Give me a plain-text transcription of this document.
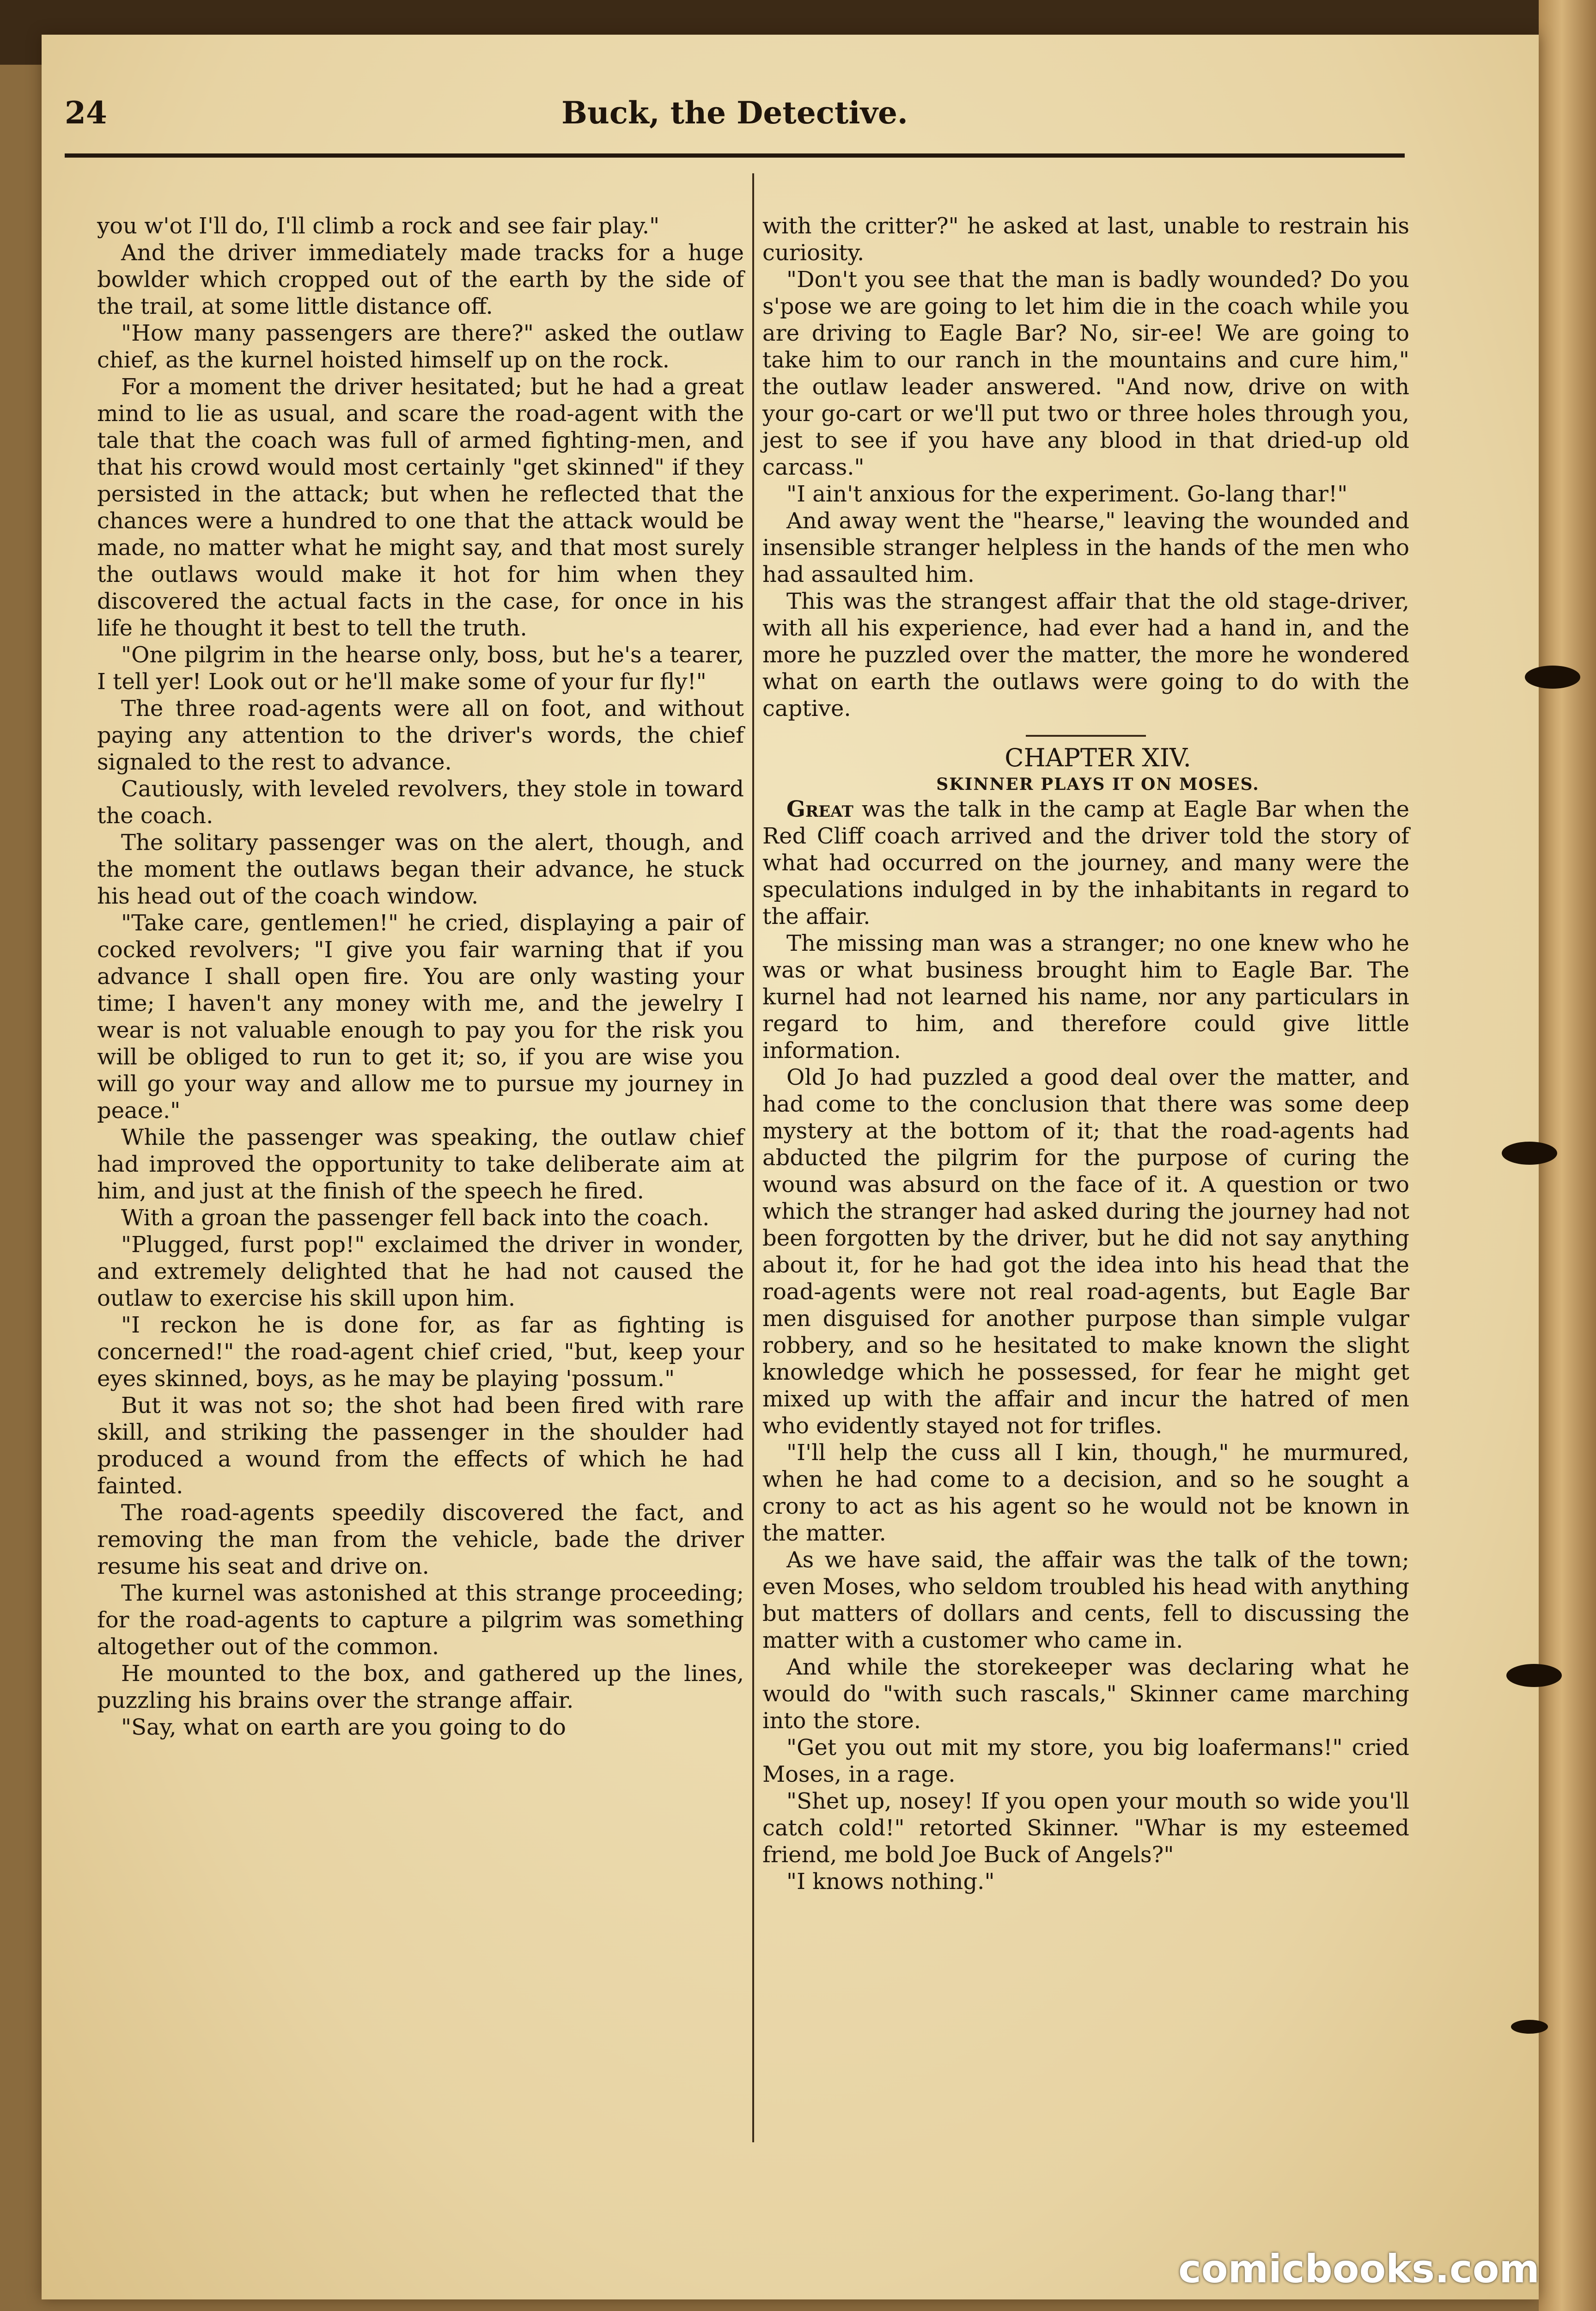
24	Buck, the Detective.

you w'ot I'll do, I'll climb a rock and see fair play."

And the driver immediately made tracks for a huge bowlder which cropped out of the earth by the side of the trail, at some little distance off.

"How many passengers are there?" asked the outlaw chief, as the kurnel hoisted himself up on the rock.

For a moment the driver hesitated; but he had a great mind to lie as usual, and scare the road-agent with the tale that the coach was full of armed fighting-men, and that his crowd would most certainly "get skinned" if they persisted in the attack; but when he reflected that the chances were a hundred to one that the attack would be made, no matter what he might say, and that most surely the outlaws would make it hot for him when they discovered the actual facts in the case, for once in his life he thought it best to tell the truth.

"One pilgrim in the hearse only, boss, but he's a tearer, I tell yer! Look out or he'll make some of your fur fly!"

The three road-agents were all on foot, and without paying any attention to the driver's words, the chief signaled to the rest to advance.

Cautiously, with leveled revolvers, they stole in toward the coach.

The solitary passenger was on the alert, though, and the moment the outlaws began their advance, he stuck his head out of the coach window.

"Take care, gentlemen!" he cried, displaying a pair of cocked revolvers; "I give you fair warning that if you advance I shall open fire. You are only wasting your time; I haven't any money with me, and the jewelry I wear is not valuable enough to pay you for the risk you will be obliged to run to get it; so, if you are wise you will go your way and allow me to pursue my journey in peace."

While the passenger was speaking, the outlaw chief had improved the opportunity to take deliberate aim at him, and just at the finish of the speech he fired.

With a groan the passenger fell back into the coach.

"Plugged, furst pop!" exclaimed the driver in wonder, and extremely delighted that he had not caused the outlaw to exercise his skill upon him.

"I reckon he is done for, as far as fighting is concerned!" the road-agent chief cried, "but, keep your eyes skinned, boys, as he may be playing 'possum."

But it was not so; the shot had been fired with rare skill, and striking the passenger in the shoulder had produced a wound from the effects of which he had fainted.

The road-agents speedily discovered the fact, and removing the man from the vehicle, bade the driver resume his seat and drive on.

The kurnel was astonished at this strange proceeding; for the road-agents to capture a pilgrim was something altogether out of the common.

He mounted to the box, and gathered up the lines, puzzling his brains over the strange affair.

"Say, what on earth are you going to do

with the critter?" he asked at last, unable to restrain his curiosity.

"Don't you see that the man is badly wounded? Do you s'pose we are going to let him die in the coach while you are driving to Eagle Bar? No, sir-ee! We are going to take him to our ranch in the mountains and cure him," the outlaw leader answered. "And now, drive on with your go-cart or we'll put two or three holes through you, jest to see if you have any blood in that dried-up old carcass."

"I ain't anxious for the experiment. Go-lang thar!"

And away went the "hearse," leaving the wounded and insensible stranger helpless in the hands of the men who had assaulted him.

This was the strangest affair that the old stage-driver, with all his experience, had ever had a hand in, and the more he puzzled over the matter, the more he wondered what on earth the outlaws were going to do with the captive.

CHAPTER XIV.

SKINNER PLAYS IT ON MOSES.

Great was the talk in the camp at Eagle Bar when the Red Cliff coach arrived and the driver told the story of what had occurred on the journey, and many were the speculations indulged in by the inhabitants in regard to the affair.

The missing man was a stranger; no one knew who he was or what business brought him to Eagle Bar. The kurnel had not learned his name, nor any particulars in regard to him, and therefore could give little information.

Old Jo had puzzled a good deal over the matter, and had come to the conclusion that there was some deep mystery at the bottom of it; that the road-agents had abducted the pilgrim for the purpose of curing the wound was absurd on the face of it. A question or two which the stranger had asked during the journey had not been forgotten by the driver, but he did not say anything about it, for he had got the idea into his head that the road-agents were not real road-agents, but Eagle Bar men disguised for another purpose than simple vulgar robbery, and so he hesitated to make known the slight knowledge which he possessed, for fear he might get mixed up with the affair and incur the hatred of men who evidently stayed not for trifles.

"I'll help the cuss all I kin, though," he murmured, when he had come to a decision, and so he sought a crony to act as his agent so he would not be known in the matter.

As we have said, the affair was the talk of the town; even Moses, who seldom troubled his head with anything but matters of dollars and cents, fell to discussing the matter with a customer who came in.

And while the storekeeper was declaring what he would do "with such rascals," Skinner came marching into the store.

"Get you out mit my store, you big loafermans!" cried Moses, in a rage.

"Shet up, nosey! If you open your mouth so wide you'll catch cold!" retorted Skinner. "Whar is my esteemed friend, me bold Joe Buck of Angels?"

"I knows nothing."

comicbooks.com
